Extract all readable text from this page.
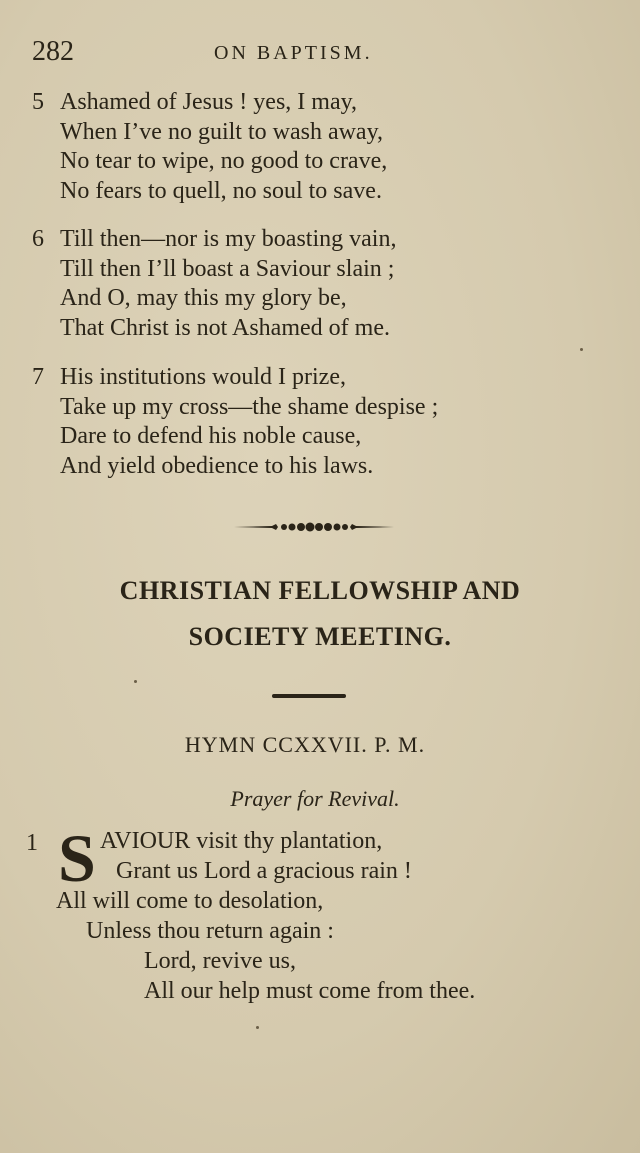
282	ON BAPTISM.
5 Ashamed of Jesus ! yes, I may,
When I’ve no guilt to wash away,
No tear to wipe, no good to crave,
No fears to quell, no soul to save.
6 Till then—nor is my boasting vain,
Till then I’ll boast a Saviour slain ;
And O, may this my glory be,
That Christ is not Ashamed of me.
7 His institutions would I prize,
Take up my cross—the shame despise ;
Dare to defend his noble cause,
And yield obedience to his laws.
CHRISTIAN FELLOWSHIP AND
SOCIETY MEETING.
HYMN CCXXVII. P. M.
Prayer for Revival.
1 S AVIOUR visit thy plantation,
Grant us Lord a gracious rain !
All will come to desolation,
Unless thou return again :
Lord, revive us,
All our help must come from thee.
